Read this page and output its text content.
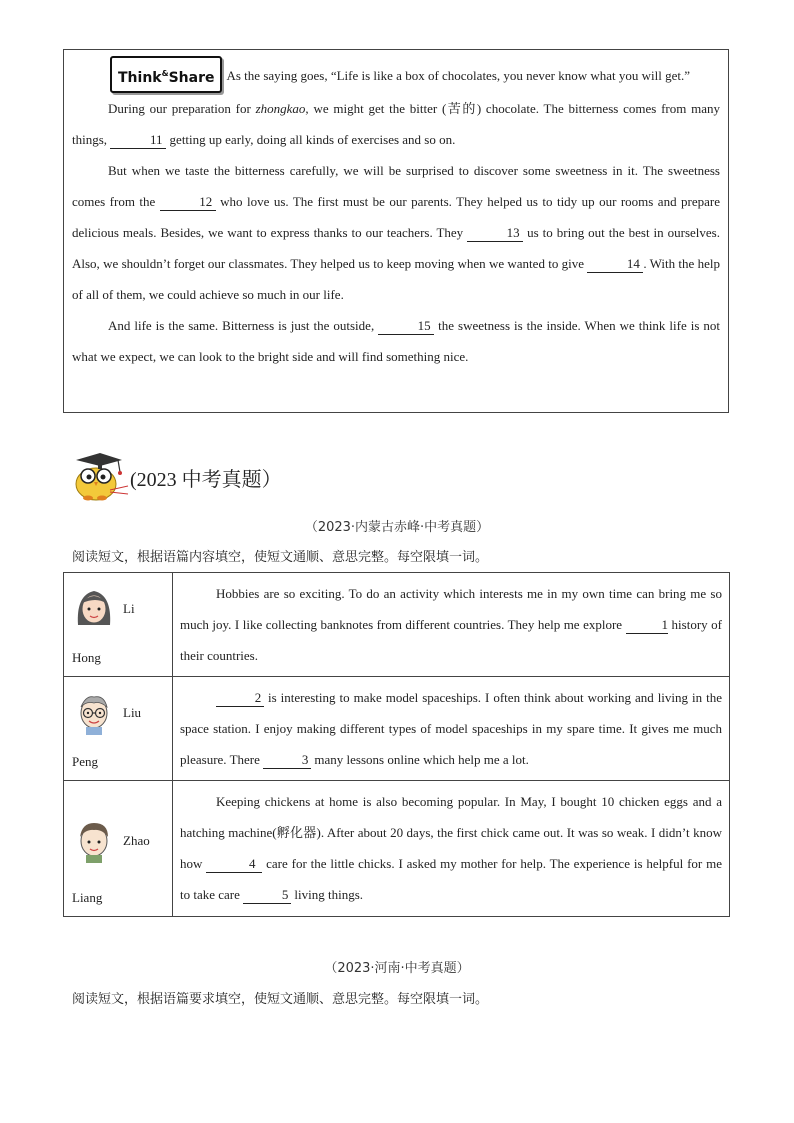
Think&Share As the saying goes, “Life is like a box of chocolates, you never know what you will get.”

During our preparation for zhongkao, we might get the bitter (苦的) chocolate. The bitterness comes from many things,	11 getting up early, doing all kinds of exercises and so on.

But when we taste the bitterness carefully, we will be surprised to discover some sweetness in it. The sweetness comes from the	12 who love us. The first must be our parents. They helped us to tidy up our rooms and prepare delicious meals. Besides, we want to express thanks to our teachers. They	13 us to bring out the best in ourselves. Also, we shouldn’t forget our classmates. They helped us to keep moving when we wanted to give	14 . With the help of all of them, we could achieve so much in our life.

And life is the same. Bitterness is just the outside,	15 the sweetness is the inside. When we think life is not what we expect, we can look to the bright side and will find something nice.

(2023 中考真题）
（2023·内蒙古赤峰·中考真题）
阅读短文，根据语篇内容填空，使短文通顺、意思完整。每空限填一词。
Li
Hong	Hobbies are so exciting. To do an activity which interests me in my own time can bring me so much joy. I like collecting banknotes from different countries. They help me explore 1 history of their countries.

Liu
Peng	2 is interesting to make model spaceships. I often think about working and living in the space station. I enjoy making different types of model spaceships in my spare time. It gives me much pleasure. There 3 many lessons online which help me a lot.

Zhao
Liang	Keeping chickens at home is also becoming popular. In May, I bought 10 chicken eggs and a hatching machine(孵化器). After about 20 days, the first chick came out. It was so weak. I didn’t know how 4 care for the little chicks. I asked my mother for help. The experience is helpful for me to take care 5 living things.

（2023·河南·中考真题）
阅读短文，根据语篇要求填空，使短文通顺、意思完整。每空限填一词。
